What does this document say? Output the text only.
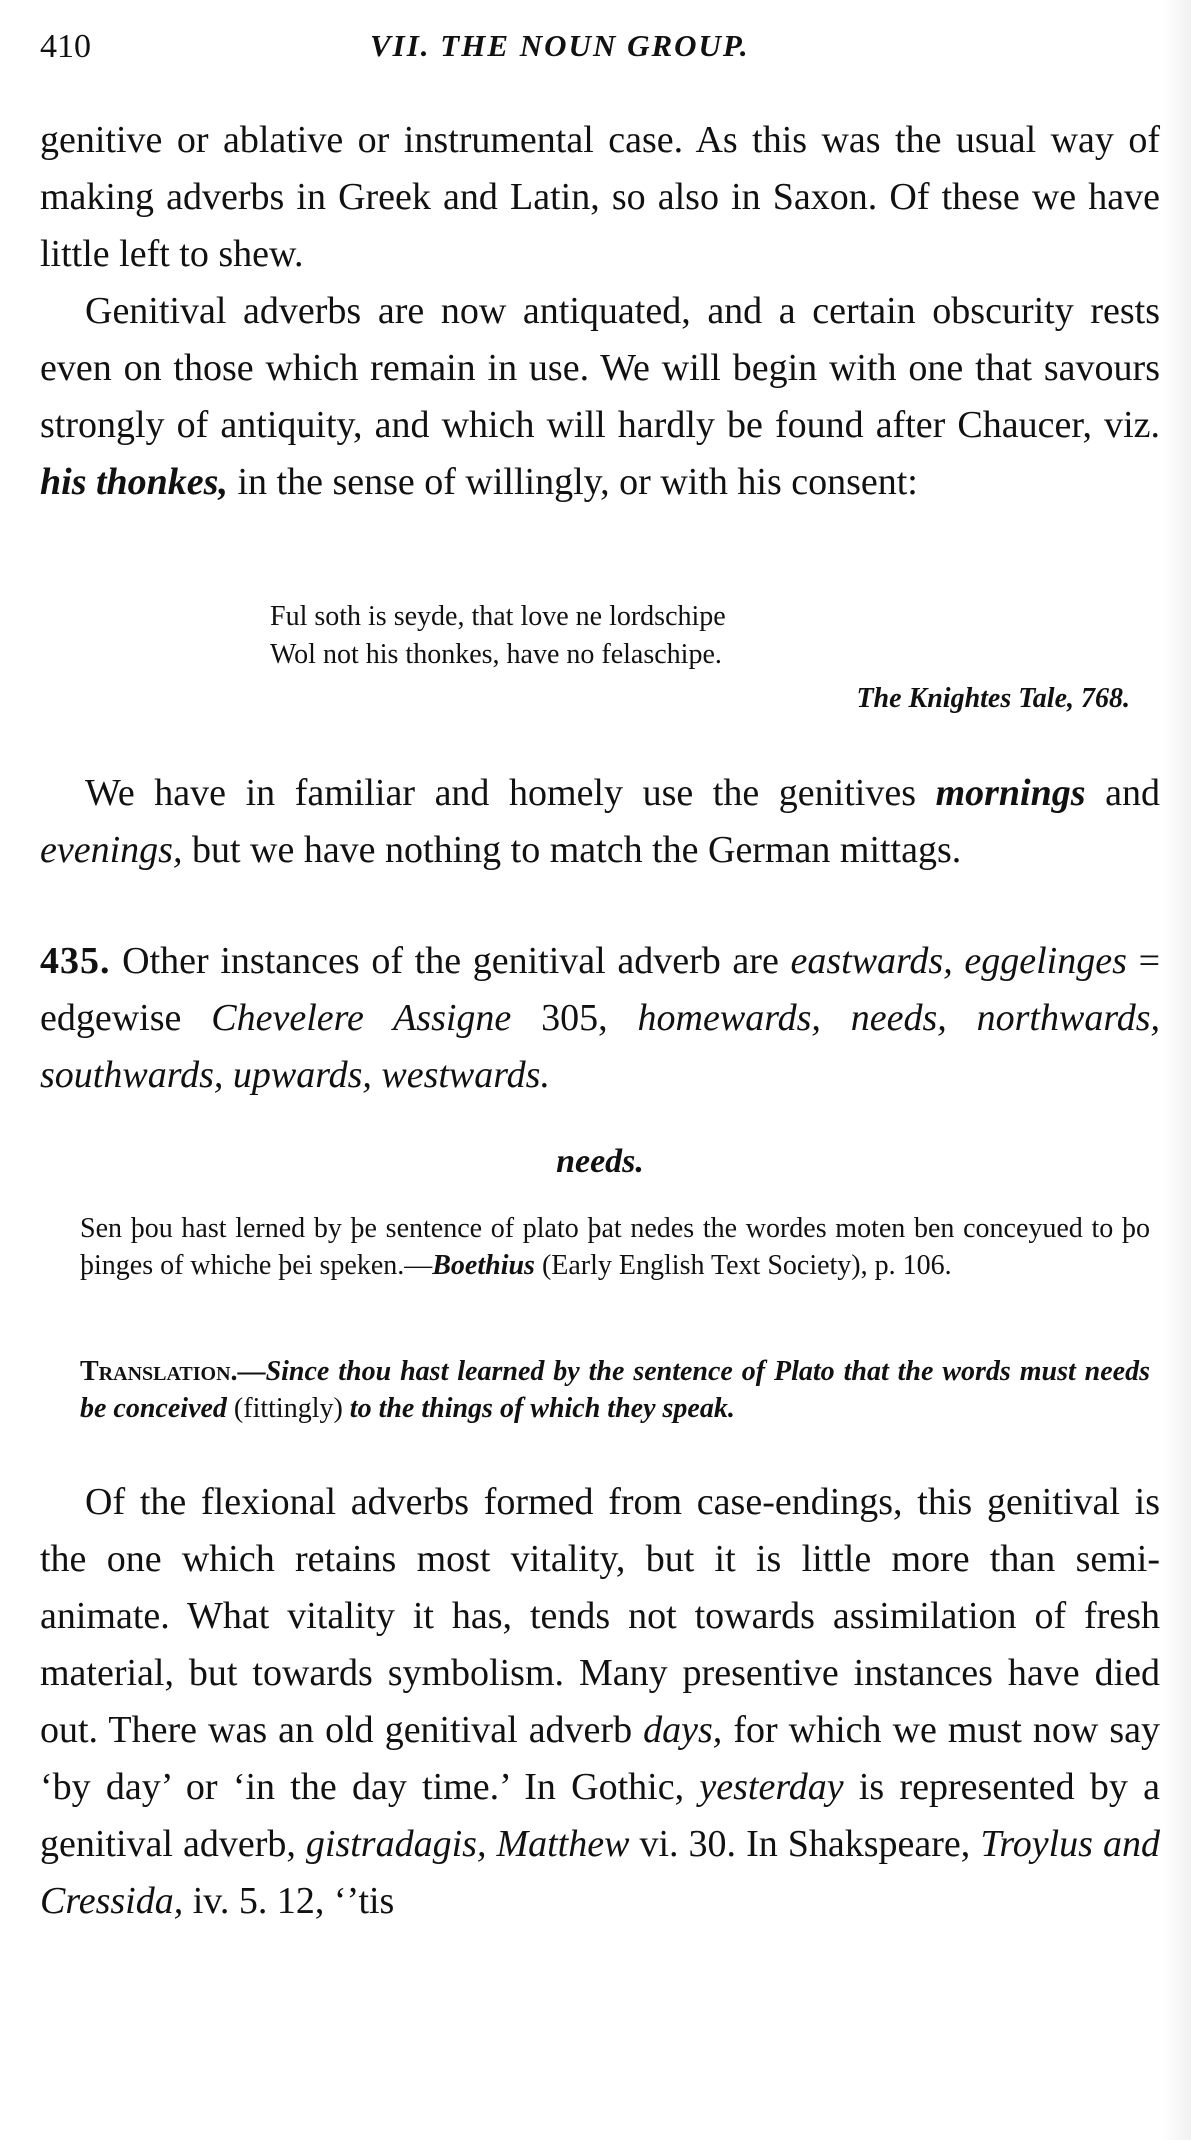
410	VII. THE NOUN GROUP.

genitive or ablative or instrumental case. As this was the usual way of making adverbs in Greek and Latin, so also in Saxon. Of these we have little left to shew.

Genitival adverbs are now antiquated, and a certain obscurity rests even on those which remain in use. We will begin with one that savours strongly of antiquity, and which will hardly be found after Chaucer, viz. his thonkes, in the sense of willingly, or with his consent:

Ful soth is seyde, that love ne lordschipe
Wol not his thonkes, have no felaschipe.
The Knightes Tale, 768.

We have in familiar and homely use the genitives mornings and evenings, but we have nothing to match the German mittags.

435. Other instances of the genitival adverb are eastwards, eggelinges = edgewise Chevelere Assigne 305, homewards, needs, northwards, southwards, upwards, westwards.

needs.
Sen þou hast lerned by þe sentence of plato þat nedes the wordes moten ben conceyued to þo þinges of whiche þei speken.—Boethius (Early English Text Society), p. 106.
Translation.—Since thou hast learned by the sentence of Plato that the words must needs be conceived (fittingly) to the things of which they speak.

Of the flexional adverbs formed from case-endings, this genitival is the one which retains most vitality, but it is little more than semi-animate. What vitality it has, tends not towards assimilation of fresh material, but towards symbolism. Many presentive instances have died out. There was an old genitival adverb days, for which we must now say ‘by day’ or ‘in the day time.’ In Gothic, yesterday is represented by a genitival adverb, gistradagis, Matthew vi. 30. In Shakspeare, Troylus and Cressida, iv. 5. 12, ‘’tis
